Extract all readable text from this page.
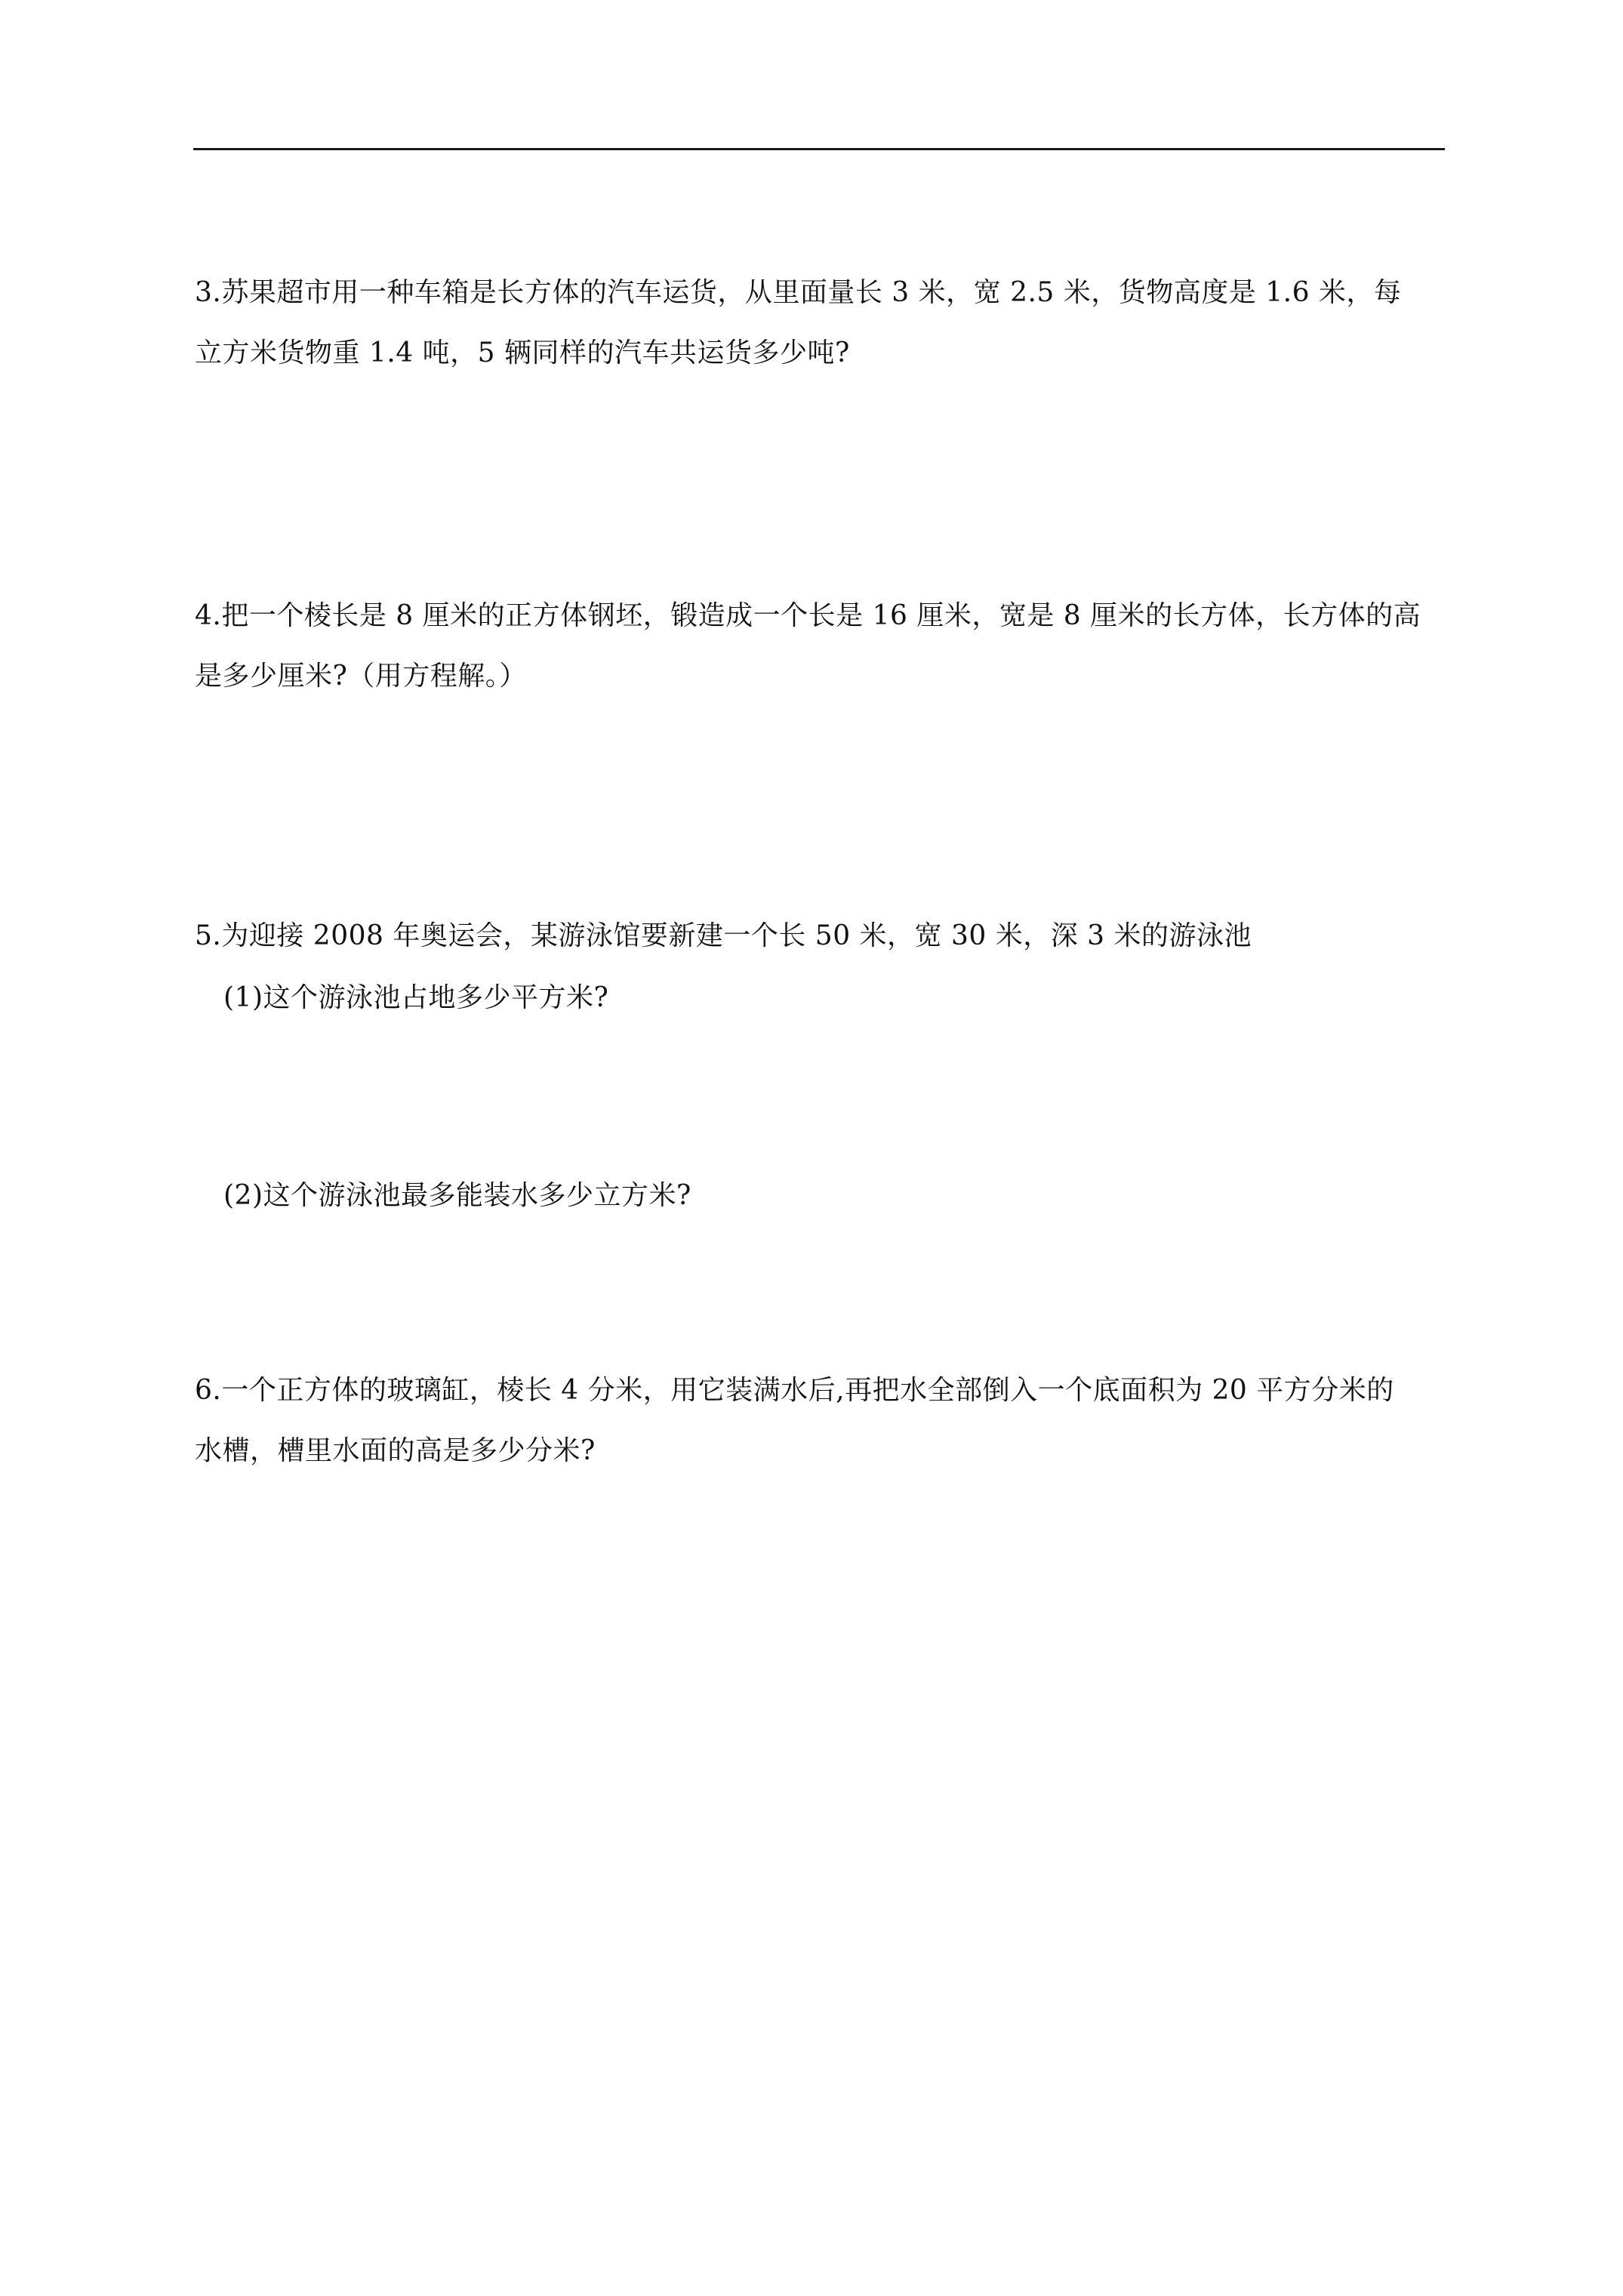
3.苏果超市用一种车箱是长方体的汽车运货，从里面量长 3 米，宽 2.5 米，货物高度是 1.6 米，每
立方米货物重 1.4 吨，5 辆同样的汽车共运货多少吨?
4.把一个棱长是 8 厘米的正方体钢坯，锻造成一个长是 16 厘米，宽是 8 厘米的长方体，长方体的高
是多少厘米?（用方程解。）
5.为迎接 2008 年奥运会，某游泳馆要新建一个长 50 米，宽 30 米，深 3 米的游泳池
(1)这个游泳池占地多少平方米?
(2)这个游泳池最多能装水多少立方米?
6.一个正方体的玻璃缸，棱长 4 分米，用它装满水后,再把水全部倒入一个底面积为 20 平方分米的
水槽，槽里水面的高是多少分米?
